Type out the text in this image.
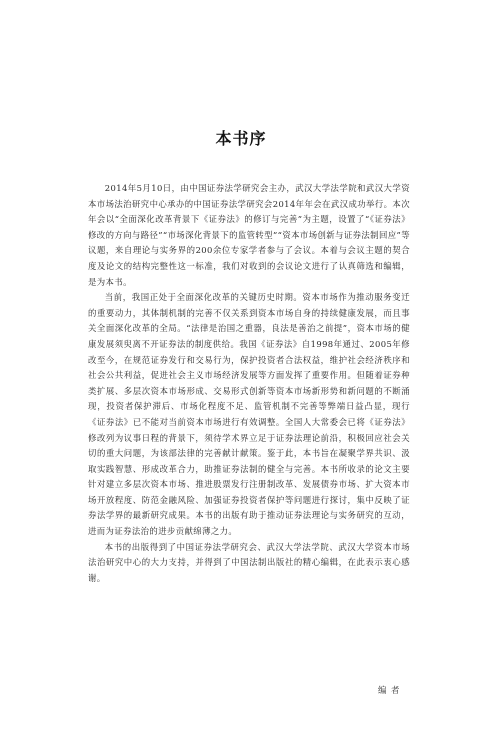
本书序

2014年5月10日，由中国证券法学研究会主办，武汉大学法学院和武汉大学资本市场法治研究中心承办的中国证券法学研究会2014年年会在武汉成功举行。本次年会以“全面深化改革背景下《证券法》的修订与完善”为主题，设置了“《证券法》修改的方向与路径”“市场深化背景下的监管转型”“资本市场创新与证券法制回应”等议题，来自理论与实务界的200余位专家学者参与了会议。本着与会议主题的契合度及论文的结构完整性这一标准，我们对收到的会议论文进行了认真筛选和编辑，是为本书。

当前，我国正处于全面深化改革的关键历史时期。资本市场作为推动服务变迁的重要动力，其体制机制的完善不仅关系到资本市场自身的持续健康发展，而且事关全面深化改革的全局。“法律是治国之重器，良法是善治之前提”，资本市场的健康发展须臾离不开证券法的制度供给。我国《证券法》自1998年通过、2005年修改至今，在规范证券发行和交易行为，保护投资者合法权益，维护社会经济秩序和社会公共利益，促进社会主义市场经济发展等方面发挥了重要作用。但随着证券种类扩展、多层次资本市场形成、交易形式创新等资本市场新形势和新问题的不断涌现，投资者保护滞后、市场化程度不足、监管机制不完善等弊端日益凸显，现行《证券法》已不能对当前资本市场进行有效调整。全国人大常委会已将《证券法》修改列为议事日程的背景下，须待学术界立足于证券法理论前沿，积极回应社会关切的重大问题，为该部法律的完善献计献策。鉴于此，本书旨在凝聚学界共识、汲取实践智慧、形成改革合力，助推证券法制的健全与完善。本书所收录的论文主要针对建立多层次资本市场、推进股票发行注册制改革、发展债券市场、扩大资本市场开放程度、防范金融风险、加强证券投资者保护等问题进行探讨，集中反映了证券法学界的最新研究成果。本书的出版有助于推动证券法理论与实务研究的互动，进而为证券法治的进步贡献绵薄之力。

本书的出版得到了中国证券法学研究会、武汉大学法学院、武汉大学资本市场法治研究中心的大力支持，并得到了中国法制出版社的精心编辑，在此表示衷心感谢。

编 者
